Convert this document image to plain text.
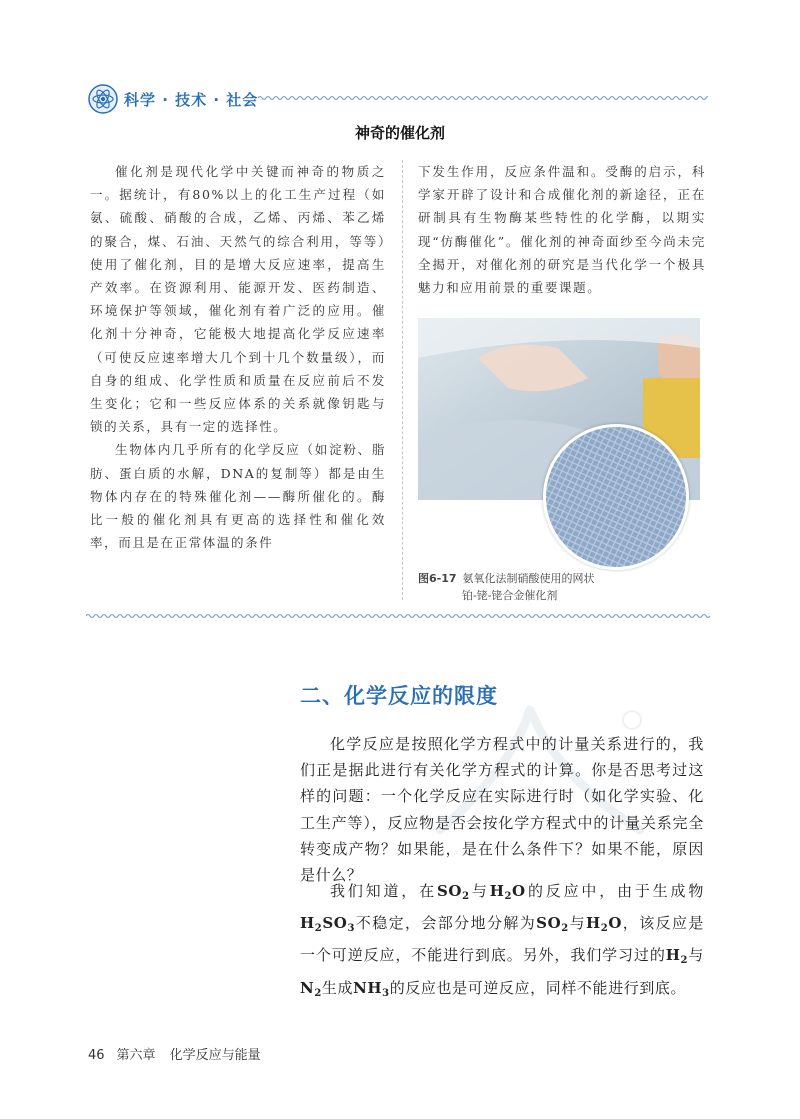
科学 · 技术 · 社会
神奇的催化剂

催化剂是现代化学中关键而神奇的物质之一。据统计，有80%以上的化工生产过程（如氨、硫酸、硝酸的合成，乙烯、丙烯、苯乙烯的聚合，煤、石油、天然气的综合利用，等等）使用了催化剂，目的是增大反应速率，提高生产效率。在资源利用、能源开发、医药制造、环境保护等领域，催化剂有着广泛的应用。催化剂十分神奇，它能极大地提高化学反应速率（可使反应速率增大几个到十几个数量级），而自身的组成、化学性质和质量在反应前后不发生变化；它和一些反应体系的关系就像钥匙与锁的关系，具有一定的选择性。

生物体内几乎所有的化学反应（如淀粉、脂肪、蛋白质的水解，DNA的复制等）都是由生物体内存在的特殊催化剂——酶所催化的。酶比一般的催化剂具有更高的选择性和催化效率，而且是在正常体温的条件

下发生作用，反应条件温和。受酶的启示，科学家开辟了设计和合成催化剂的新途径，正在研制具有生物酶某些特性的化学酶，以期实现“仿酶催化”。催化剂的神奇面纱至今尚未完全揭开，对催化剂的研究是当代化学一个极具魅力和应用前景的重要课题。

图6-17 氨氧化法制硝酸使用的网状
铂-铑-铑合金催化剂
二、化学反应的限度

化学反应是按照化学方程式中的计量关系进行的，我们正是据此进行有关化学方程式的计算。你是否思考过这样的问题：一个化学反应在实际进行时（如化学实验、化工生产等），反应物是否会按化学方程式中的计量关系完全转变成产物？如果能，是在什么条件下？如果不能，原因是什么？

我们知道，在$SO_2$与$H_2O$的反应中，由于生成物$H_2SO_3$不稳定，会部分地分解为$SO_2$与$H_2O$，该反应是一个可逆反应，不能进行到底。另外，我们学习过的$H_2$与$N_2$生成$NH_3$的反应也是可逆反应，同样不能进行到底。

46 第六章 化学反应与能量
